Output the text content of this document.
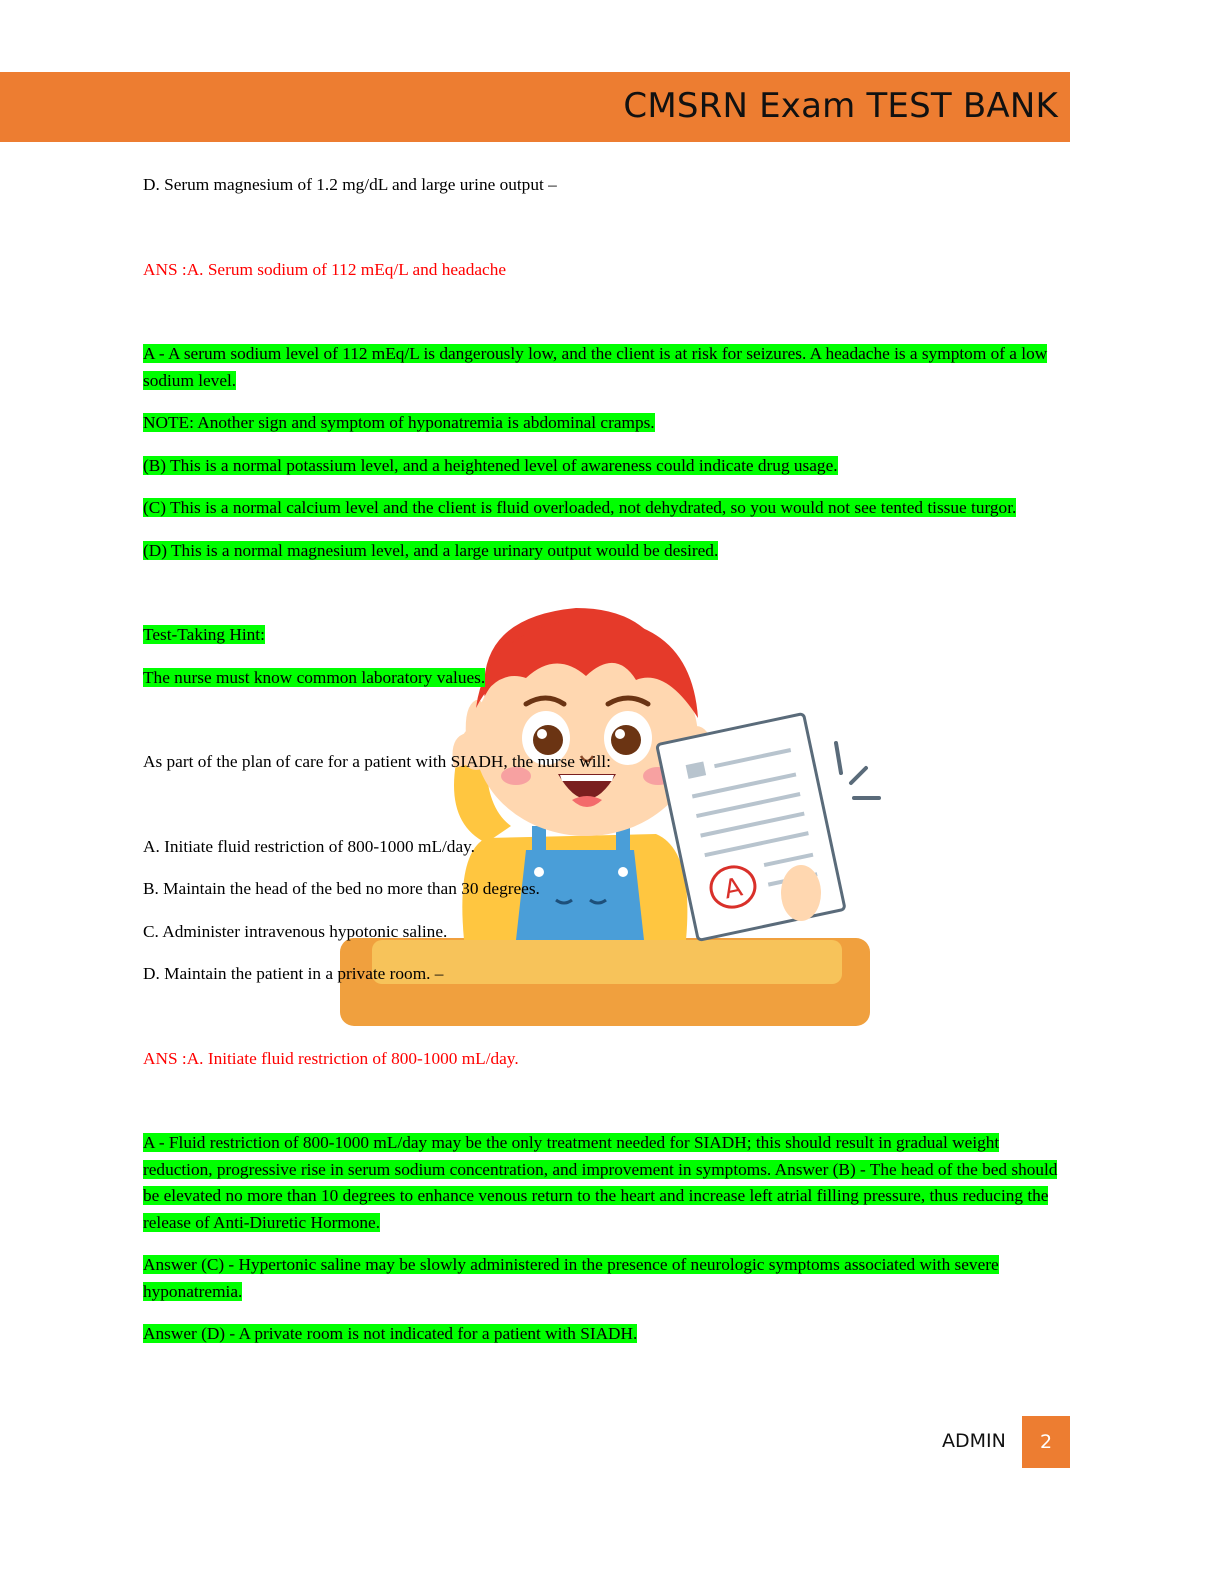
CMSRN Exam TEST BANK
A
D. Serum magnesium of 1.2 mg/dL and large urine output –
ANS :A. Serum sodium of 112 mEq/L and headache
A - A serum sodium level of 112 mEq/L is dangerously low, and the client is at risk for seizures. A headache is a symptom of a low sodium level.
NOTE: Another sign and symptom of hyponatremia is abdominal cramps.
(B) This is a normal potassium level, and a heightened level of awareness could indicate drug usage.
(C) This is a normal calcium level and the client is fluid overloaded, not dehydrated, so you would not see tented tissue turgor.
(D) This is a normal magnesium level, and a large urinary output would be desired.
Test-Taking Hint:
The nurse must know common laboratory values.
As part of the plan of care for a patient with SIADH, the nurse will:
A. Initiate fluid restriction of 800-1000 mL/day.
B. Maintain the head of the bed no more than 30 degrees.
C. Administer intravenous hypotonic saline.
D. Maintain the patient in a private room. –
ANS :A. Initiate fluid restriction of 800-1000 mL/day.
A - Fluid restriction of 800-1000 mL/day may be the only treatment needed for SIADH; this should result in gradual weight reduction, progressive rise in serum sodium concentration, and improvement in symptoms. Answer (B) - The head of the bed should be elevated no more than 10 degrees to enhance venous return to the heart and increase left atrial filling pressure, thus reducing the release of Anti-Diuretic Hormone.
Answer (C) - Hypertonic saline may be slowly administered in the presence of neurologic symptoms associated with severe hyponatremia.
Answer (D) - A private room is not indicated for a patient with SIADH.
ADMIN	2
